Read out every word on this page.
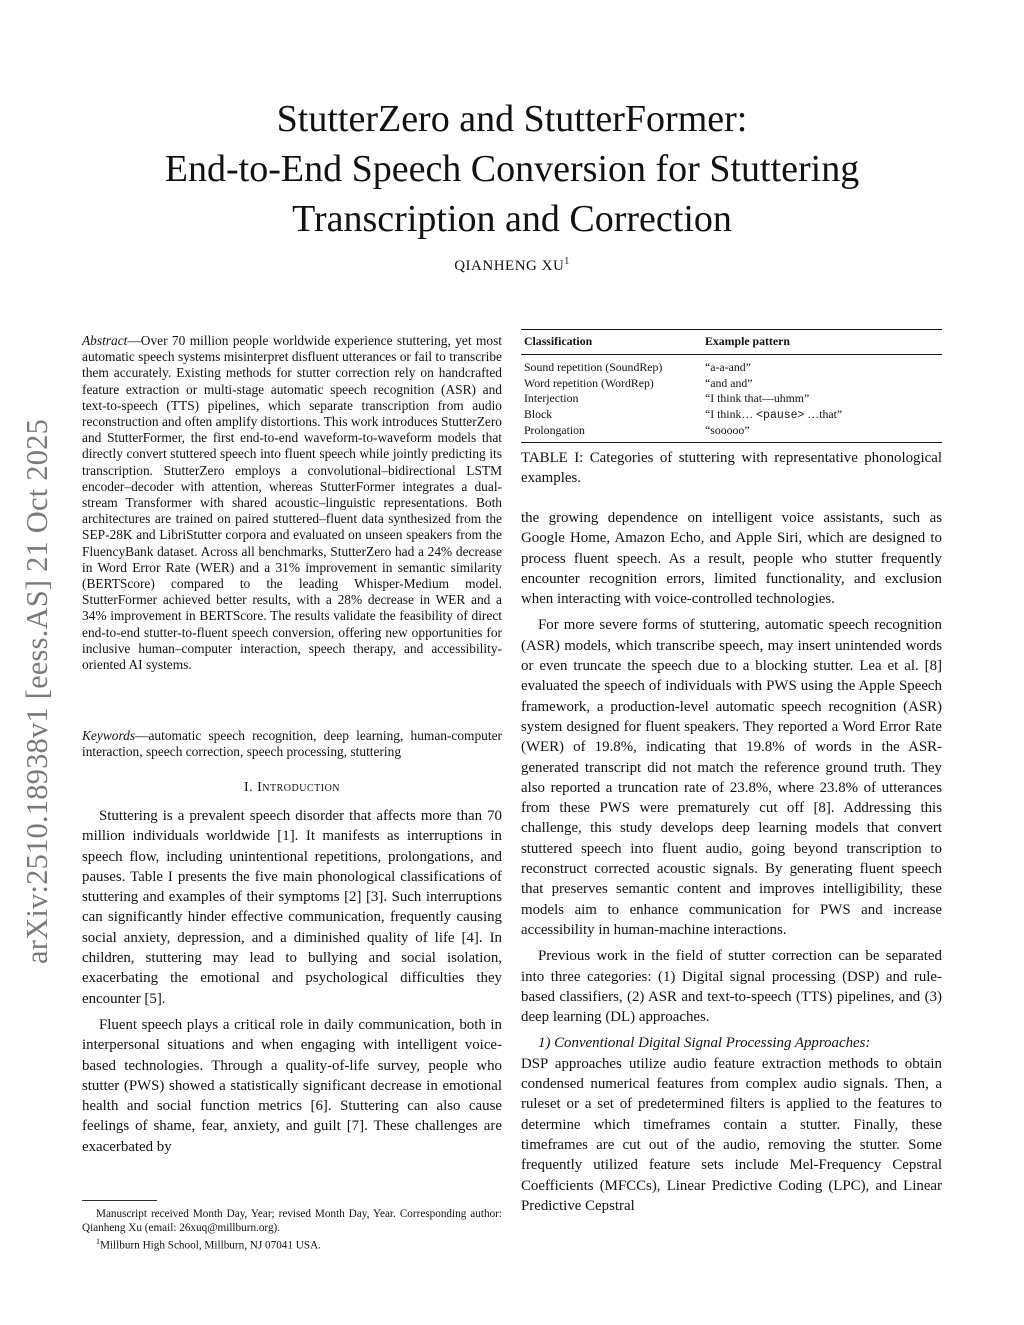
arXiv:2510.18938v1 [eess.AS] 21 Oct 2025
StutterZero and StutterFormer:
End-to-End Speech Conversion for Stuttering
Transcription and Correction
QIANHENG $XU^1$
Abstract—Over 70 million people worldwide experience stuttering, yet most automatic speech systems misinterpret disfluent utterances or fail to transcribe them accurately. Existing methods for stutter correction rely on handcrafted feature extraction or multi-stage automatic speech recognition (ASR) and text-to-speech (TTS) pipelines, which separate transcription from audio reconstruction and often amplify distortions. This work introduces StutterZero and StutterFormer, the first end-to-end waveform-to-waveform models that directly convert stuttered speech into fluent speech while jointly predicting its transcription. StutterZero employs a convolutional–bidirectional LSTM encoder–decoder with attention, whereas StutterFormer integrates a dual-stream Transformer with shared acoustic–linguistic representations. Both architectures are trained on paired stuttered–fluent data synthesized from the SEP-28K and LibriStutter corpora and evaluated on unseen speakers from the FluencyBank dataset. Across all benchmarks, StutterZero had a 24% decrease in Word Error Rate (WER) and a 31% improvement in semantic similarity (BERTScore) compared to the leading Whisper-Medium model. StutterFormer achieved better results, with a 28% decrease in WER and a 34% improvement in BERTScore. The results validate the feasibility of direct end-to-end stutter-to-fluent speech conversion, offering new opportunities for inclusive human–computer interaction, speech therapy, and accessibility-oriented AI systems.
Keywords—automatic speech recognition, deep learning, human-computer interaction, speech correction, speech processing, stuttering
I. Introduction

Stuttering is a prevalent speech disorder that affects more than 70 million individuals worldwide [1]. It manifests as interruptions in speech flow, including unintentional repetitions, prolongations, and pauses. Table I presents the five main phonological classifications of stuttering and examples of their symptoms [2] [3]. Such interruptions can significantly hinder effective communication, frequently causing social anxiety, depression, and a diminished quality of life [4]. In children, stuttering may lead to bullying and social isolation, exacerbating the emotional and psychological difficulties they encounter [5].

Fluent speech plays a critical role in daily communication, both in interpersonal situations and when engaging with intelligent voice-based technologies. Through a quality-of-life survey, people who stutter (PWS) showed a statistically significant decrease in emotional health and social function metrics [6]. Stuttering can also cause feelings of shame, fear, anxiety, and guilt [7]. These challenges are exacerbated by

Manuscript received Month Day, Year; revised Month Day, Year. Corresponding author: Qianheng Xu (email: 26xuq@millburn.org).

$^1$Millburn High School, Millburn, NJ 07041 USA.

Classification	Example pattern
Sound repetition (SoundRep)	“a-a-and”
Word repetition (WordRep)	“and and”
Interjection	“I think that—uhmm”
Block	“I think… <pause> …that”
Prolongation	“sooooo”
TABLE I: Categories of stuttering with representative phonological examples.

the growing dependence on intelligent voice assistants, such as Google Home, Amazon Echo, and Apple Siri, which are designed to process fluent speech. As a result, people who stutter frequently encounter recognition errors, limited functionality, and exclusion when interacting with voice-controlled technologies.

For more severe forms of stuttering, automatic speech recognition (ASR) models, which transcribe speech, may insert unintended words or even truncate the speech due to a blocking stutter. Lea et al. [8] evaluated the speech of individuals with PWS using the Apple Speech framework, a production-level automatic speech recognition (ASR) system designed for fluent speakers. They reported a Word Error Rate (WER) of 19.8%, indicating that 19.8% of words in the ASR-generated transcript did not match the reference ground truth. They also reported a truncation rate of 23.8%, where 23.8% of utterances from these PWS were prematurely cut off [8]. Addressing this challenge, this study develops deep learning models that convert stuttered speech into fluent audio, going beyond transcription to reconstruct corrected acoustic signals. By generating fluent speech that preserves semantic content and improves intelligibility, these models aim to enhance communication for PWS and increase accessibility in human-machine interactions.

Previous work in the field of stutter correction can be separated into three categories: (1) Digital signal processing (DSP) and rule-based classifiers, (2) ASR and text-to-speech (TTS) pipelines, and (3) deep learning (DL) approaches.

1) Conventional Digital Signal Processing Approaches:

DSP approaches utilize audio feature extraction methods to obtain condensed numerical features from complex audio signals. Then, a ruleset or a set of predetermined filters is applied to the features to determine which timeframes contain a stutter. Finally, these timeframes are cut out of the audio, removing the stutter. Some frequently utilized feature sets include Mel-Frequency Cepstral Coefficients (MFCCs), Linear Predictive Coding (LPC), and Linear Predictive Cepstral
